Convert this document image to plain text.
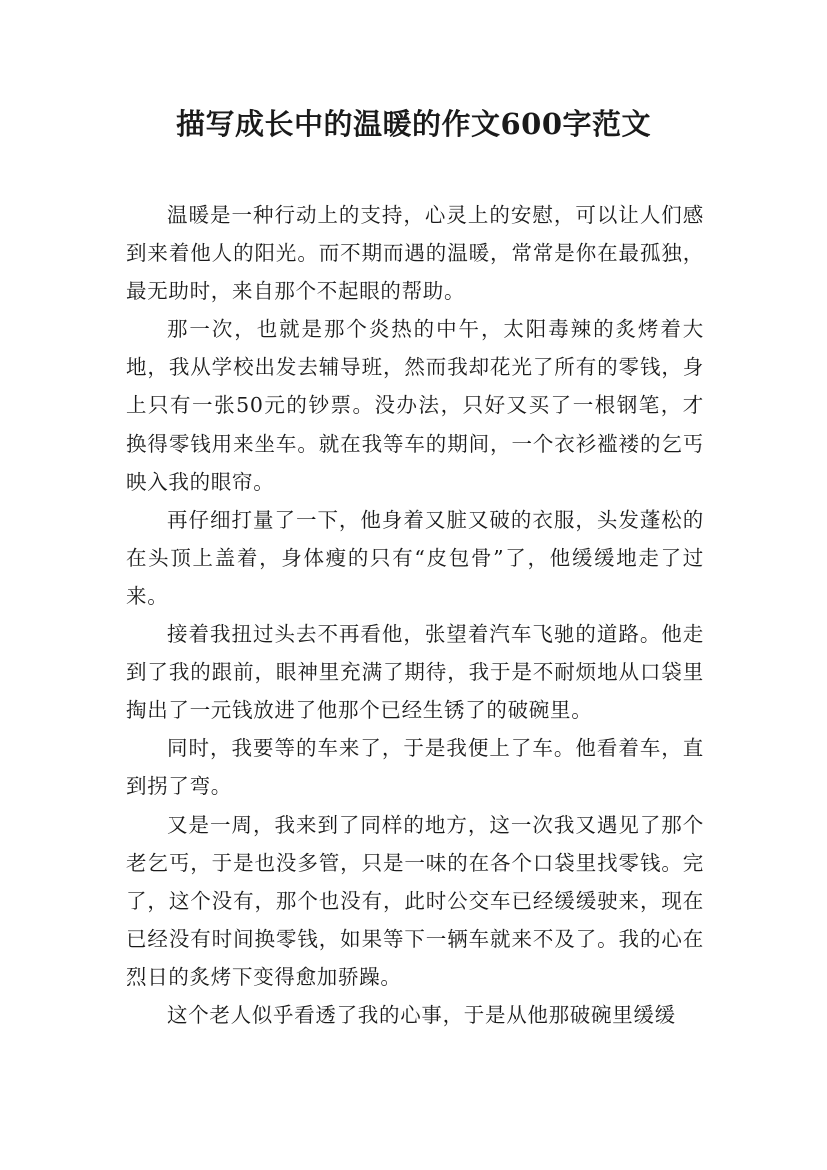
描写成长中的温暖的作文600字范文

温暖是一种行动上的支持，心灵上的安慰，可以让人们感到来着他人的阳光。而不期而遇的温暖，常常是你在最孤独，最无助时，来自那个不起眼的帮助。

那一次，也就是那个炎热的中午，太阳毒辣的炙烤着大地，我从学校出发去辅导班，然而我却花光了所有的零钱，身上只有一张50元的钞票。没办法，只好又买了一根钢笔，才换得零钱用来坐车。就在我等车的期间，一个衣衫褴褛的乞丐映入我的眼帘。

再仔细打量了一下，他身着又脏又破的衣服，头发蓬松的在头顶上盖着，身体瘦的只有“皮包骨”了，他缓缓地走了过来。

接着我扭过头去不再看他，张望着汽车飞驰的道路。他走到了我的跟前，眼神里充满了期待，我于是不耐烦地从口袋里掏出了一元钱放进了他那个已经生锈了的破碗里。

同时，我要等的车来了，于是我便上了车。他看着车，直到拐了弯。

又是一周，我来到了同样的地方，这一次我又遇见了那个老乞丐，于是也没多管，只是一味的在各个口袋里找零钱。完了，这个没有，那个也没有，此时公交车已经缓缓驶来，现在已经没有时间换零钱，如果等下一辆车就来不及了。我的心在烈日的炙烤下变得愈加骄躁。

这个老人似乎看透了我的心事，于是从他那破碗里缓缓
